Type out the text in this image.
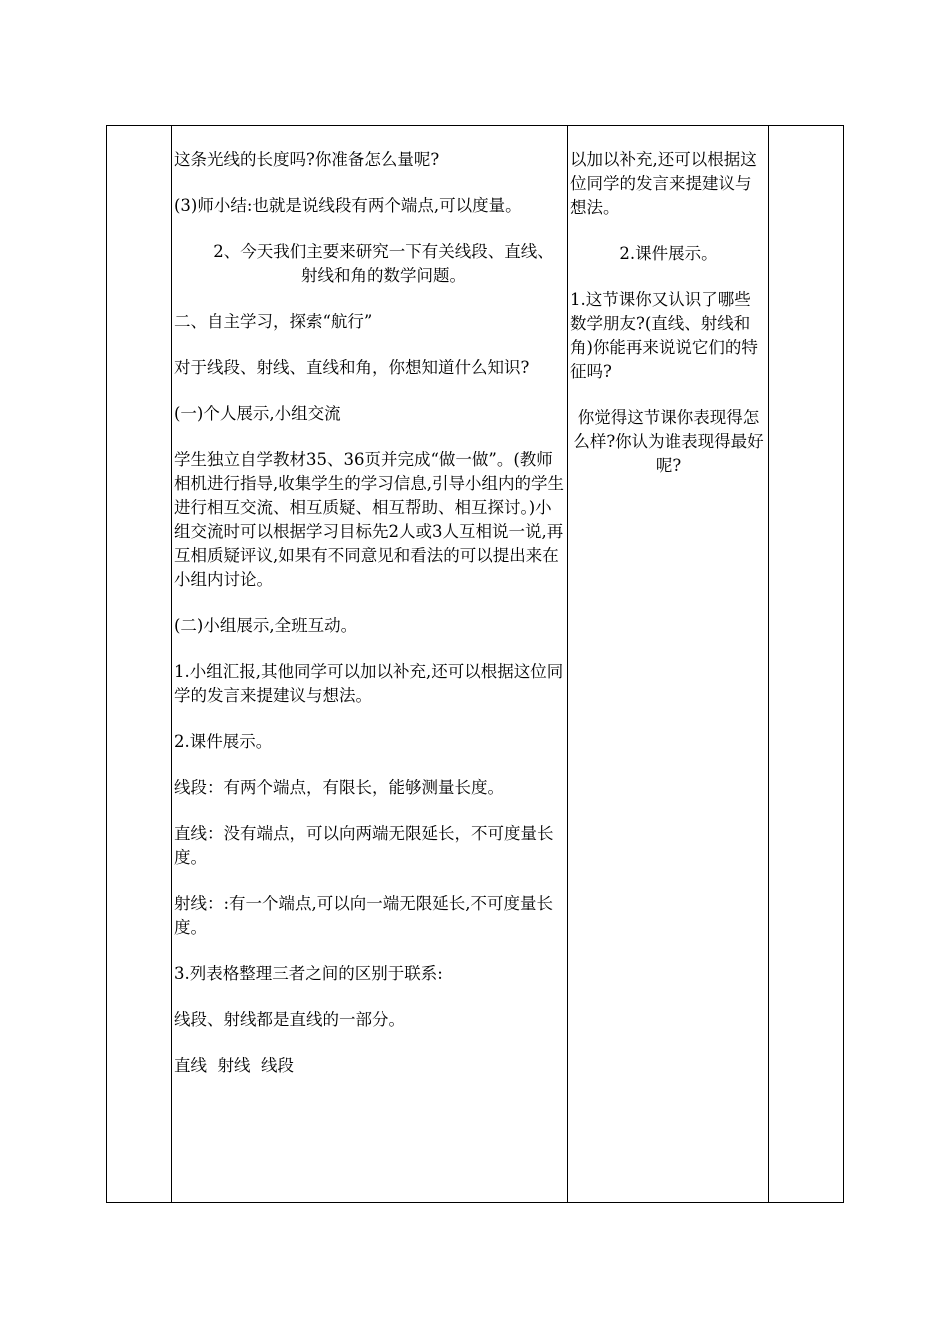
这条光线的长度吗?你准备怎么量呢?

(3)师小结:也就是说线段有两个端点,可以度量。

2、今天我们主要来研究一下有关线段、直线、射线和角的数学问题。

二、自主学习，探索“航行”

对于线段、射线、直线和角，你想知道什么知识?

(一)个人展示,小组交流

学生独立自学教材35、36页并完成“做一做”。(教师相机进行指导,收集学生的学习信息,引导小组内的学生进行相互交流、相互质疑、相互帮助、相互探讨。)小组交流时可以根据学习目标先2人或3人互相说一说,再互相质疑评议,如果有不同意见和看法的可以提出来在小组内讨论。

(二)小组展示,全班互动。

1.小组汇报,其他同学可以加以补充,还可以根据这位同学的发言来提建议与想法。

2.课件展示。

线段：有两个端点，有限长，能够测量长度。

直线：没有端点，可以向两端无限延长，不可度量长度。

射线：:有一个端点,可以向一端无限延长,不可度量长度。

3.列表格整理三者之间的区别于联系:

线段、射线都是直线的一部分。

直线  射线  线段

以加以补充,还可以根据这位同学的发言来提建议与想法。

2.课件展示。

1.这节课你又认识了哪些数学朋友?(直线、射线和角)你能再来说说它们的特征吗?

你觉得这节课你表现得怎么样?你认为谁表现得最好呢?
